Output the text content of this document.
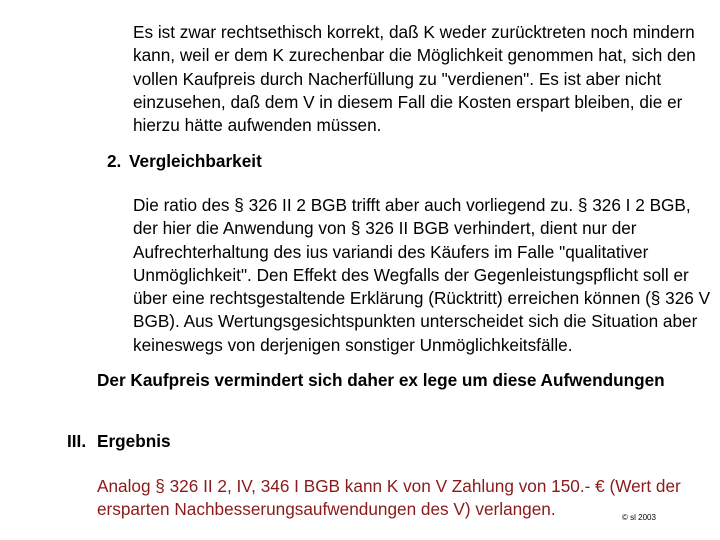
Es ist zwar rechtsethisch korrekt, daß K weder zurücktreten noch mindern kann, weil er dem K zurechenbar die Möglichkeit genommen hat, sich den vollen Kaufpreis durch Nacherfüllung zu "verdienen". Es ist aber nicht einzusehen, daß dem V in diesem Fall die Kosten erspart bleiben, die er hierzu hätte aufwenden müssen.

2. Vergleichbarkeit

Die ratio des § 326 II 2 BGB trifft aber auch vorliegend zu. § 326 I 2 BGB, der hier die Anwendung von § 326 II BGB verhindert, dient nur der Aufrechterhaltung des ius variandi des Käufers im Falle "qualitativer Unmöglichkeit". Den Effekt des Wegfalls der Gegenleistungspflicht soll er über eine rechtsgestaltende Erklärung (Rücktritt) erreichen können (§ 326 V BGB). Aus Wertungsgesichtspunkten unterscheidet sich die Situation aber keineswegs von derjenigen sonstiger Unmöglichkeitsfälle.

Der Kaufpreis vermindert sich daher ex lege um diese Aufwendungen

III. Ergebnis

Analog § 326 II 2, IV, 346 I BGB kann K von V Zahlung von 150.- € (Wert der ersparten Nachbesserungsaufwendungen des V) verlangen.	© sl 2003
